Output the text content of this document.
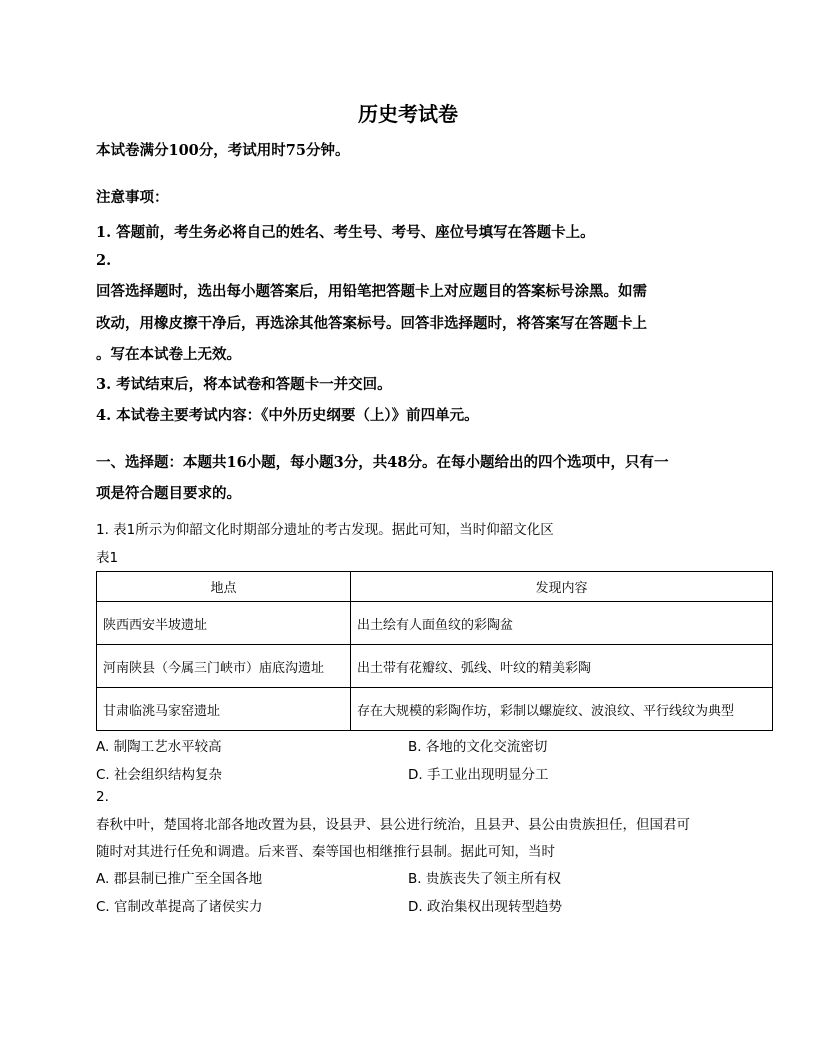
历史考试卷
本试卷满分100分，考试用时75分钟。
注意事项：
1. 答题前，考生务必将自己的姓名、考生号、考号、座位号填写在答题卡上。
2.
回答选择题时，选出每小题答案后，用铅笔把答题卡上对应题目的答案标号涂黑。如需
改动，用橡皮擦干净后，再选涂其他答案标号。回答非选择题时，将答案写在答题卡上
。写在本试卷上无效。
3. 考试结束后，将本试卷和答题卡一并交回。
4. 本试卷主要考试内容：《中外历史纲要（上）》前四单元。
一、选择题：本题共16小题，每小题3分，共48分。在每小题给出的四个选项中，只有一
项是符合题目要求的。
1. 表1所示为仰韶文化时期部分遗址的考古发现。据此可知，当时仰韶文化区
表1
地点	发现内容
陕西西安半坡遗址	出土绘有人面鱼纹的彩陶盆
河南陕县（今属三门峡市）庙底沟遗址	出土带有花瓣纹、弧线、叶纹的精美彩陶
甘肃临洮马家窑遗址	存在大规模的彩陶作坊，彩制以螺旋纹、波浪纹、平行线纹为典型
A. 制陶工艺水平较高	B. 各地的文化交流密切
C. 社会组织结构复杂	D. 手工业出现明显分工
2.
春秋中叶，楚国将北部各地改置为县，设县尹、县公进行统治，且县尹、县公由贵族担任，但国君可
随时对其进行任免和调遣。后来晋、秦等国也相继推行县制。据此可知，当时
A. 郡县制已推广至全国各地	B. 贵族丧失了领主所有权
C. 官制改革提高了诸侯实力	D. 政治集权出现转型趋势
